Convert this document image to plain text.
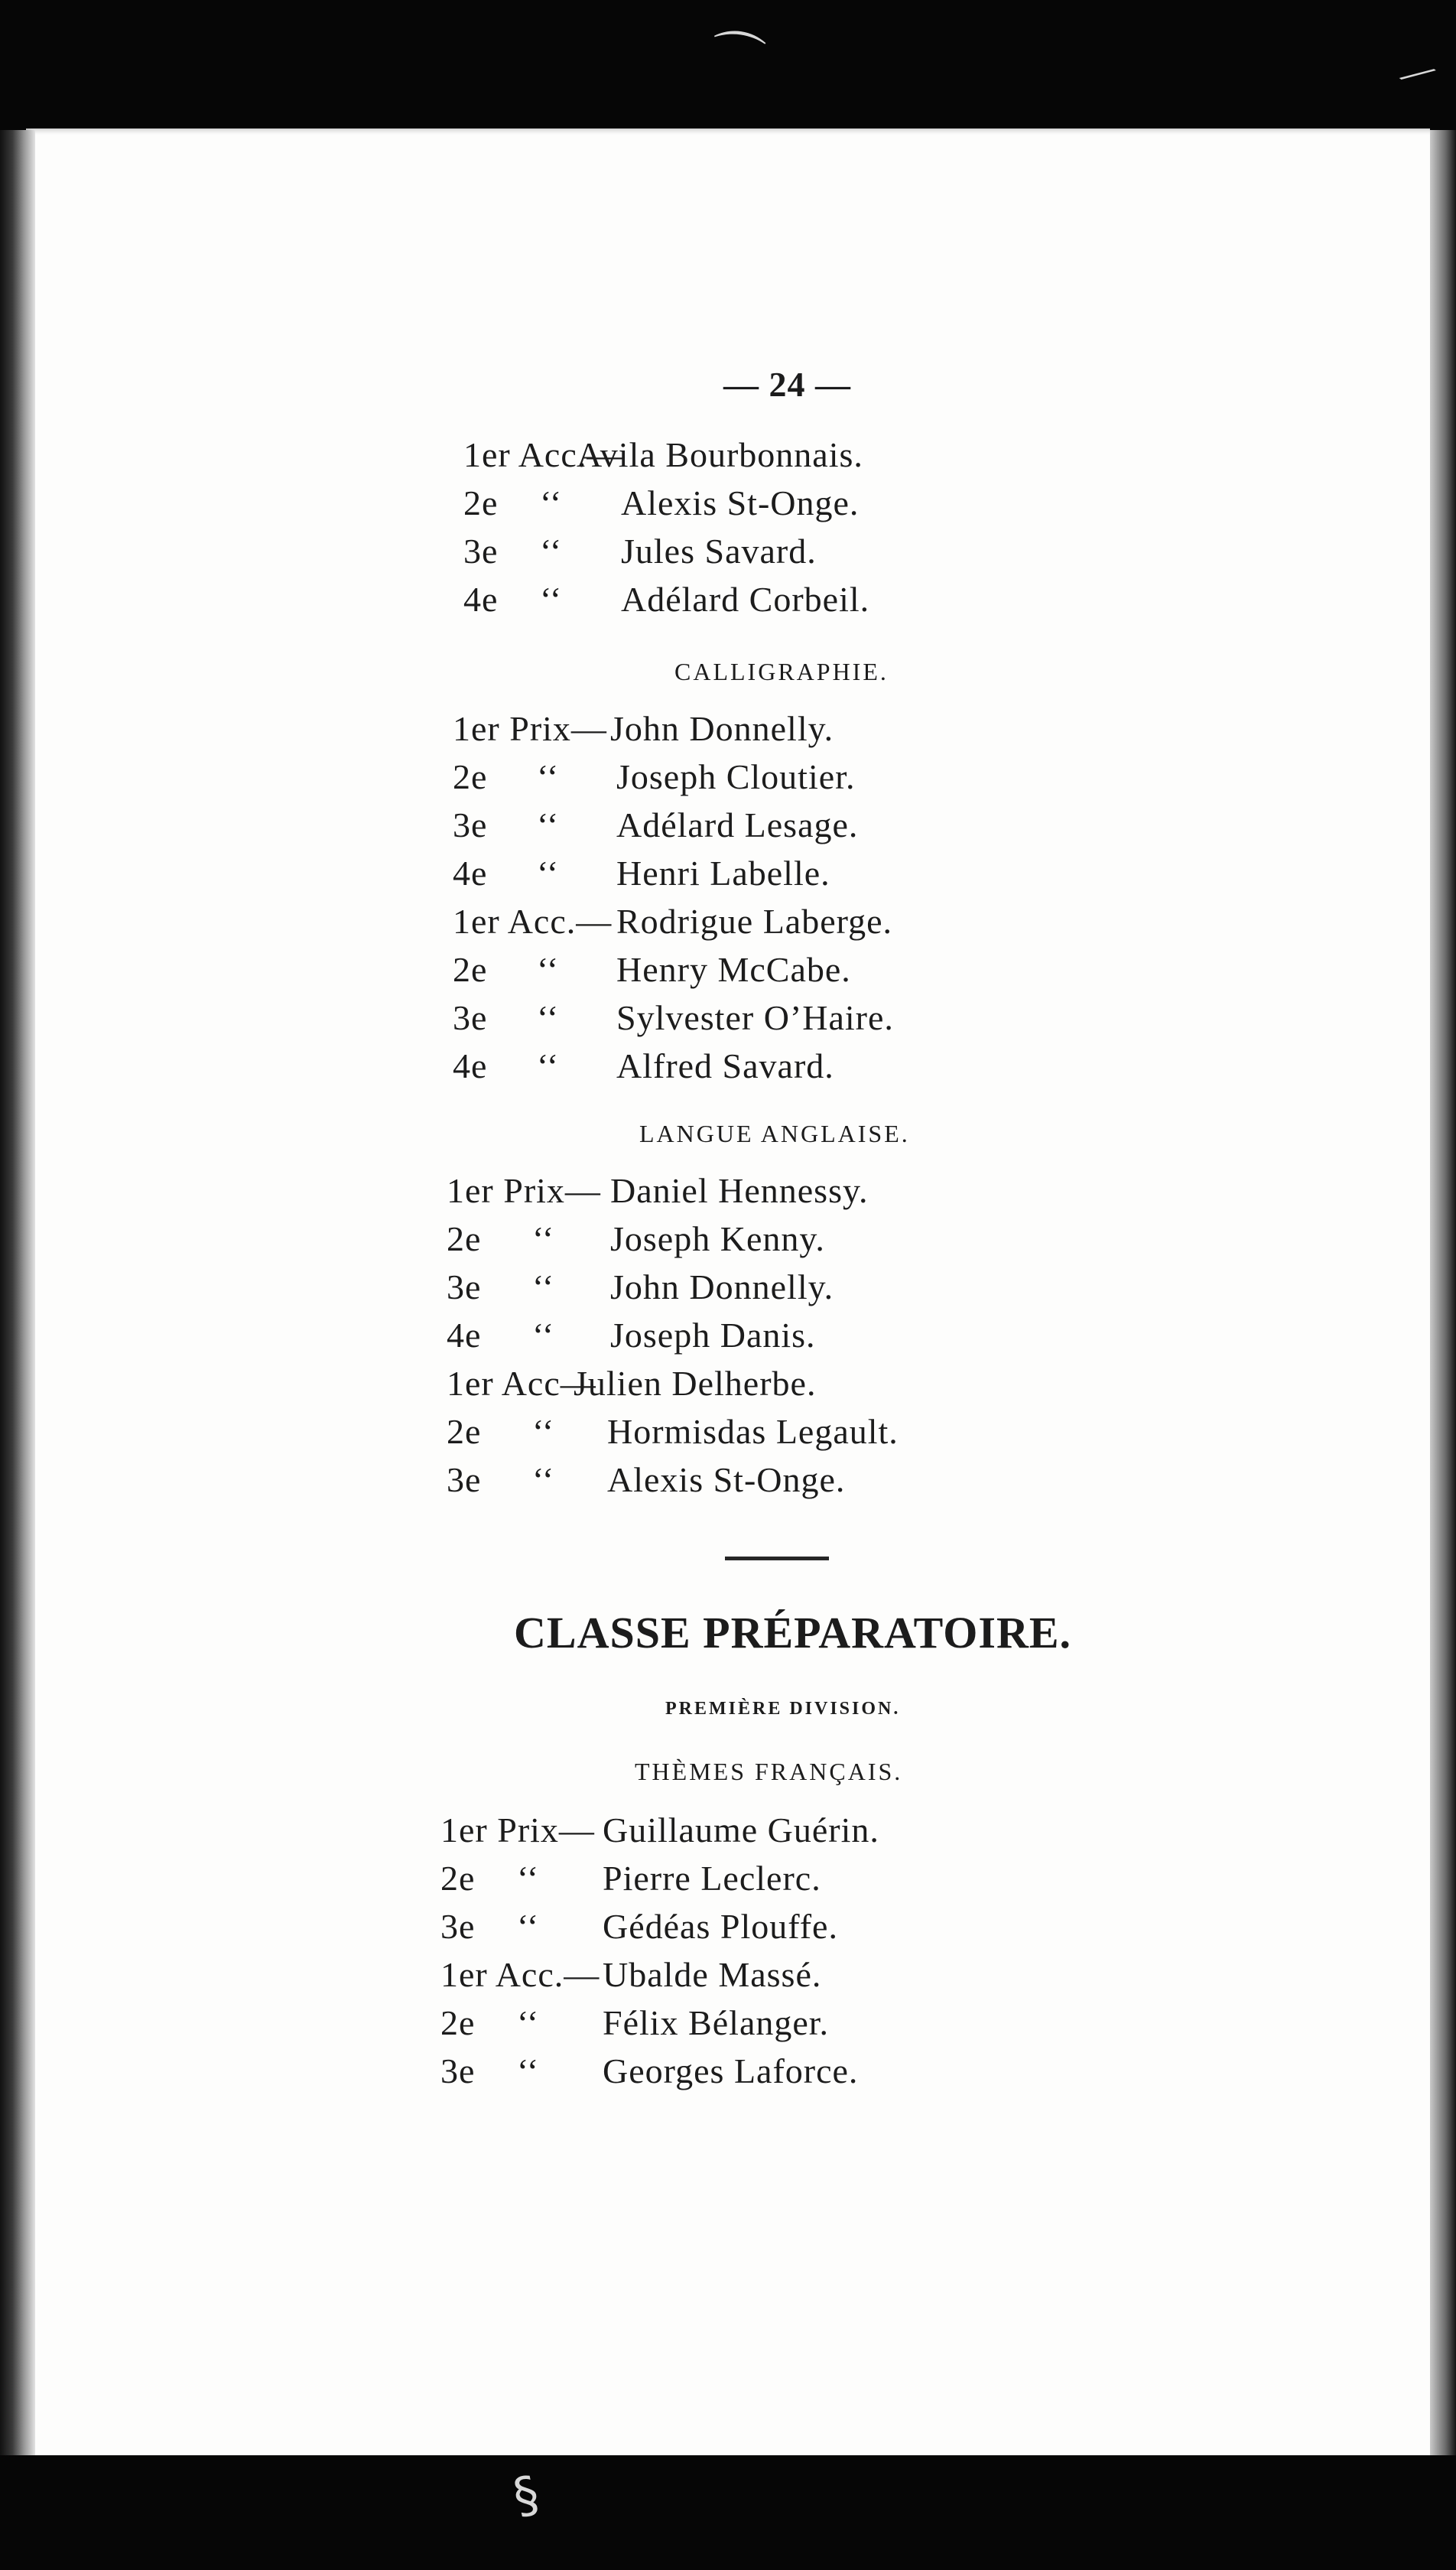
⌒
§
⟋
— 24 —

1er Acc.—

Avila Bourbonnais.

2e

‘‘

Alexis St-Onge.

3e

‘‘

Jules Savard.

4e

‘‘

Adélard Corbeil.

CALLIGRAPHIE.

1er Prix—

John Donnelly.

2e

‘‘

Joseph Cloutier.

3e

‘‘

Adélard Lesage.

4e

‘‘

Henri Labelle.

1er Acc.—

Rodrigue Laberge.

2e

‘‘

Henry McCabe.

3e

‘‘

Sylvester O’Haire.

4e

‘‘

Alfred Savard.

LANGUE ANGLAISE.

1er Prix—

Daniel Hennessy.

2e

‘‘

Joseph Kenny.

3e

‘‘

John Donnelly.

4e

‘‘

Joseph Danis.

1er Acc—

Julien Delherbe.

2e

‘‘

Hormisdas Legault.

3e

‘‘

Alexis St-Onge.

CLASSE PRÉPARATOIRE.
PREMIÈRE DIVISION.
THÈMES FRANÇAIS.

1er Prix—

Guillaume Guérin.

2e

‘‘

Pierre Leclerc.

3e

‘‘

Gédéas Plouffe.

1er Acc.—

Ubalde Massé.

2e

‘‘

Félix Bélanger.

3e

‘‘

Georges Laforce.
